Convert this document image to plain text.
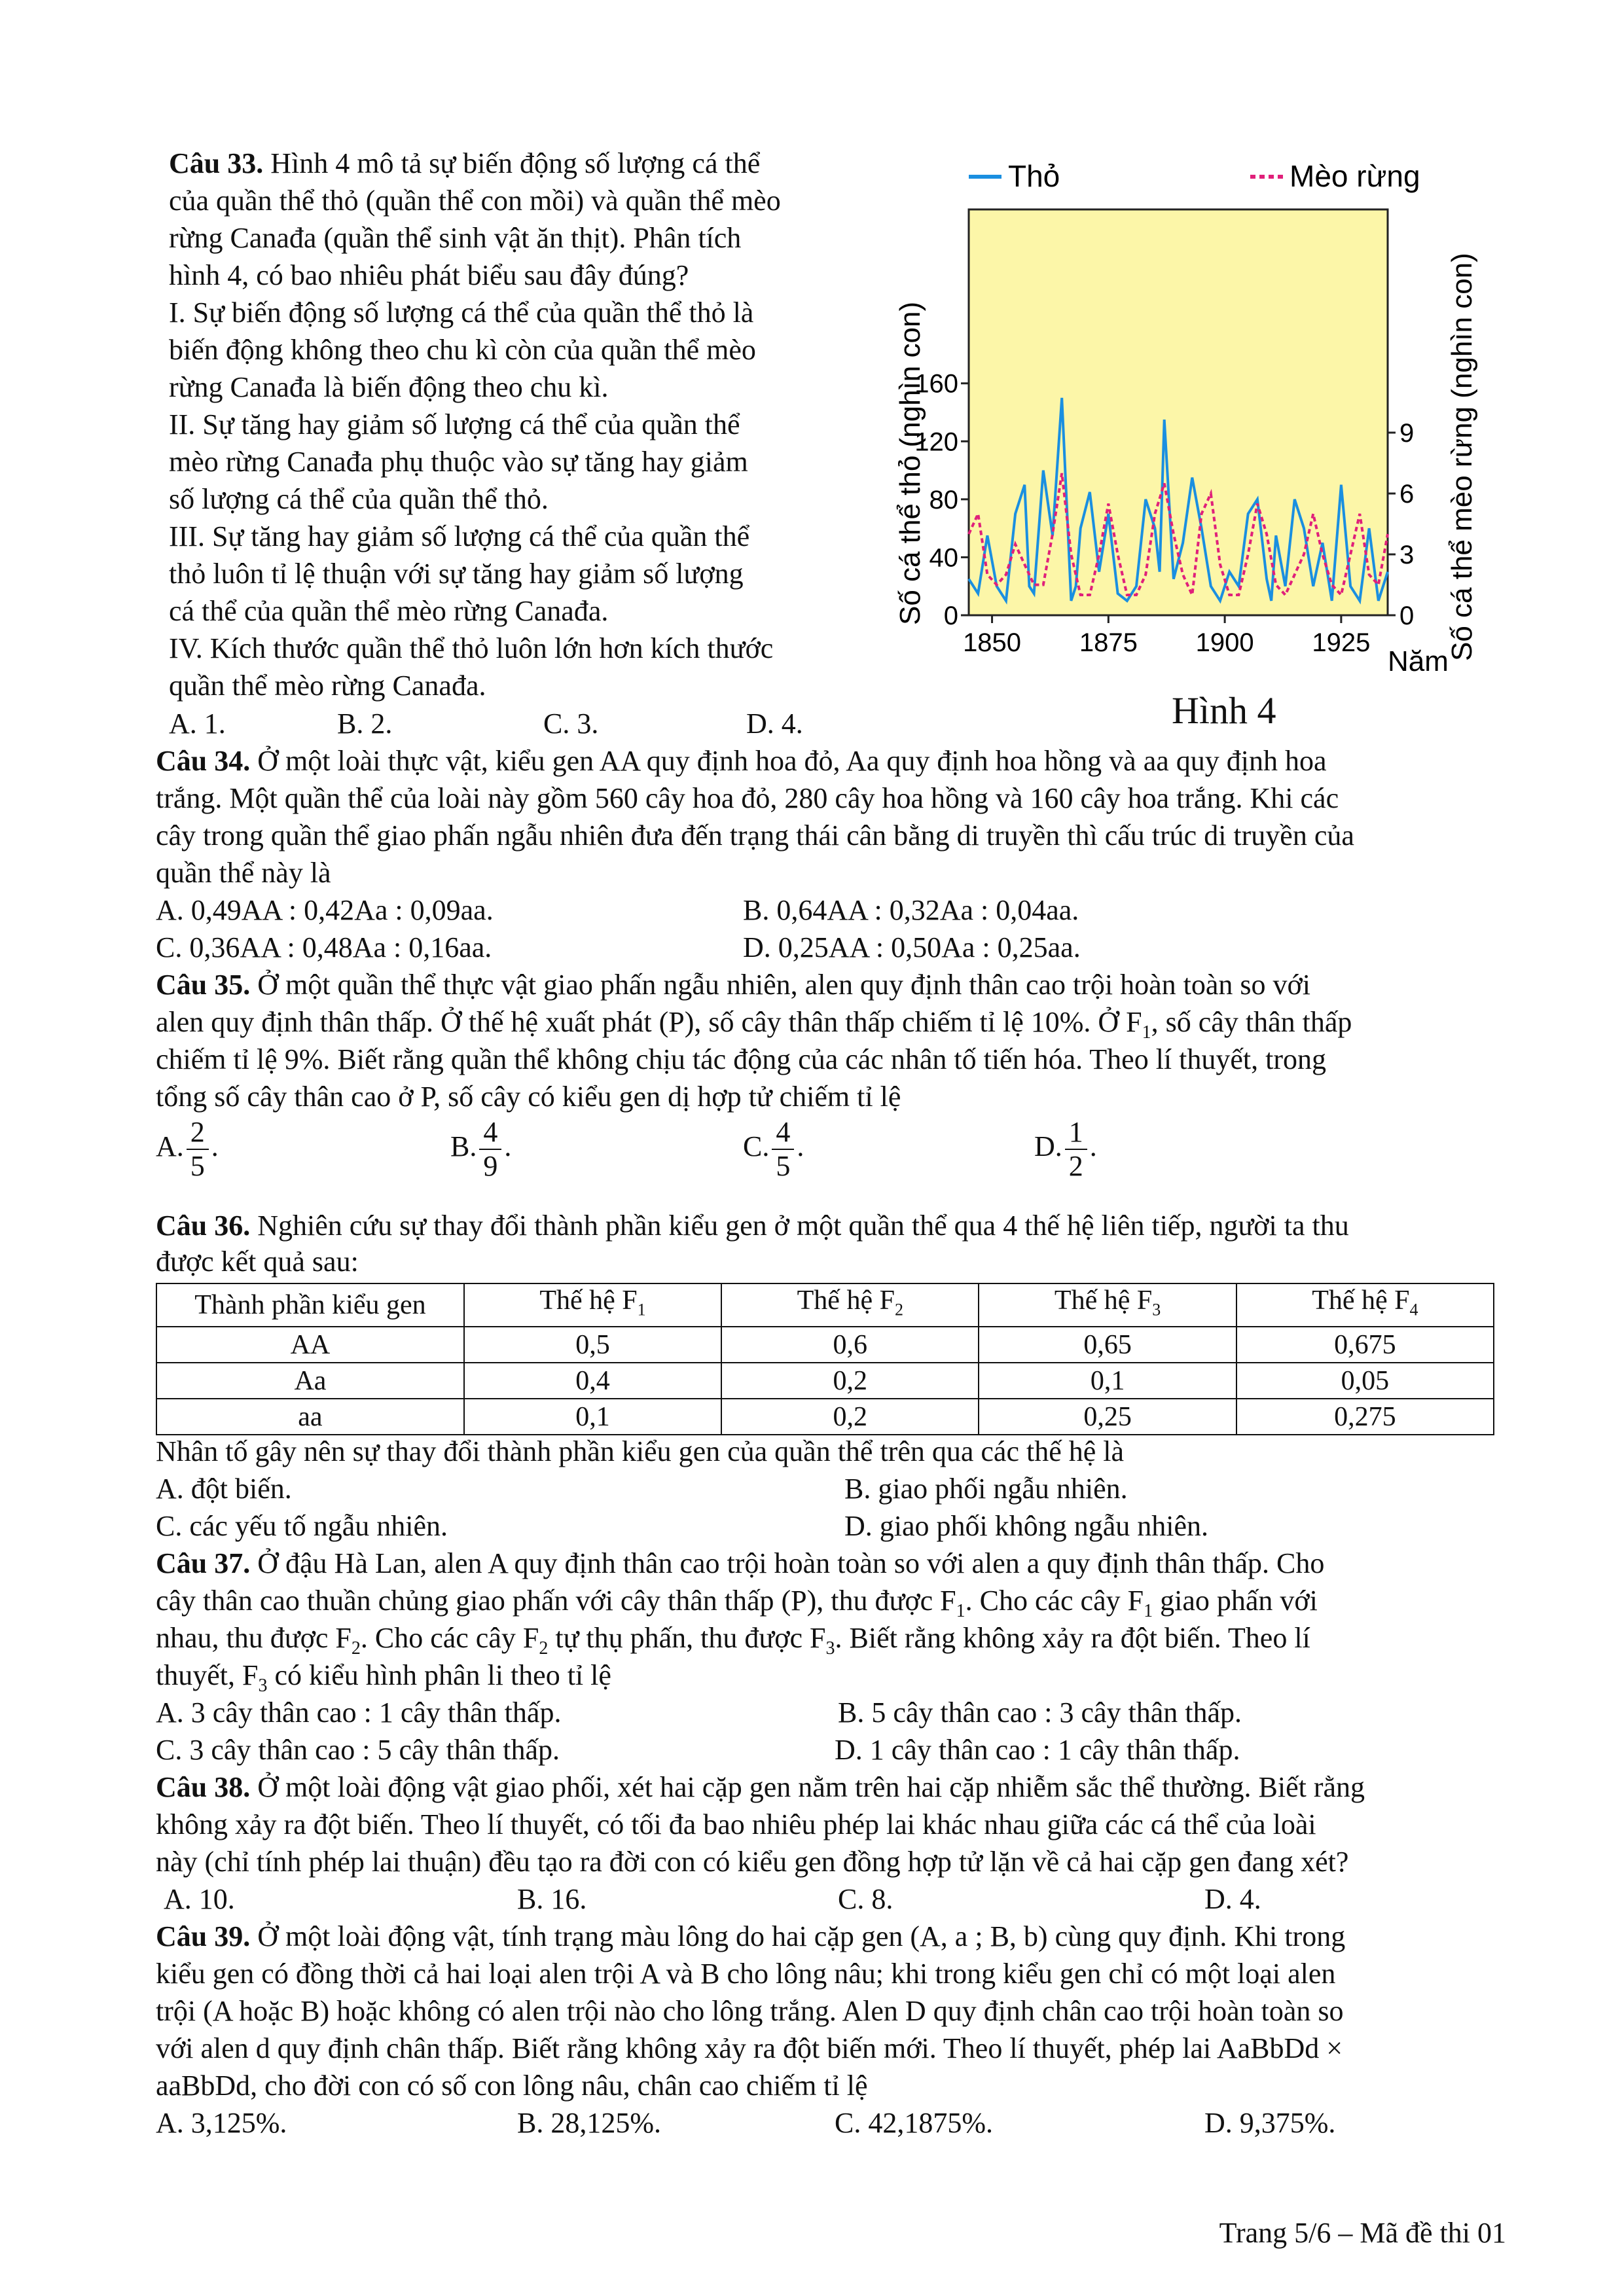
Câu 33. Hình 4 mô tả sự biến động số lượng cá thể
của quần thể thỏ (quần thể con mồi) và quần thể mèo
rừng Canađa (quần thể sinh vật ăn thịt). Phân tích
hình 4, có bao nhiêu phát biểu sau đây đúng?
I. Sự biến động số lượng cá thể của quần thể thỏ là
biến động không theo chu kì còn của quần thể mèo
rừng Canađa là biến động theo chu kì.
II. Sự tăng hay giảm số lượng cá thể của quần thể
mèo rừng Canađa phụ thuộc vào sự tăng hay giảm
số lượng cá thể của quần thể thỏ.
III. Sự tăng hay giảm số lượng cá thể của quần thể
thỏ luôn tỉ lệ thuận với sự tăng hay giảm số lượng
cá thể của quần thể mèo rừng Canađa.
IV. Kích thước quần thể thỏ luôn lớn hơn kích thước
quần thể mèo rừng Canađa.
A. 1.	B. 2.	C. 3.	D. 4.
1850 1875 1900 1925
0
40
80
120
160
0
3
6
9
Thỏ	Mèo rừng
Số cá thể thỏ (nghìn con)	Số cá thể mèo rừng (nghìn con)
Năm
Hình 4
Câu 34. Ở một loài thực vật, kiểu gen AA quy định hoa đỏ, Aa quy định hoa hồng và aa quy định hoa
trắng. Một quần thể của loài này gồm 560 cây hoa đỏ, 280 cây hoa hồng và 160 cây hoa trắng. Khi các
cây trong quần thể giao phấn ngẫu nhiên đưa đến trạng thái cân bằng di truyền thì cấu trúc di truyền của
quần thể này là
A. 0,49AA : 0,42Aa : 0,09aa.	B. 0,64AA : 0,32Aa : 0,04aa.
C. 0,36AA : 0,48Aa : 0,16aa.	D. 0,25AA : 0,50Aa : 0,25aa.
Câu 35. Ở một quần thể thực vật giao phấn ngẫu nhiên, alen quy định thân cao trội hoàn toàn so với
alen quy định thân thấp. Ở thế hệ xuất phát (P), số cây thân thấp chiếm tỉ lệ 10%. Ở $F_1$, số cây thân thấp
chiếm tỉ lệ 9%. Biết rằng quần thể không chịu tác động của các nhân tố tiến hóa. Theo lí thuyết, trong
tổng số cây thân cao ở P, số cây có kiểu gen dị hợp tử chiếm tỉ lệ
A. $\frac{2}{5}$ .	B. $\frac{4}{9}$ .	C. $\frac{4}{5}$ .	D. $\frac{1}{2}$ .
Câu 36. Nghiên cứu sự thay đổi thành phần kiểu gen ở một quần thể qua 4 thế hệ liên tiếp, người ta thu
được kết quả sau:
Thành phần kiểu gen	Thế hệ $F_1$	Thế hệ $F_2$	Thế hệ $F_3$	Thế hệ $F_4$
AA	0,5	0,6	0,65	0,675
Aa	0,4	0,2	0,1	0,05
aa	0,1	0,2	0,25	0,275
Nhân tố gây nên sự thay đổi thành phần kiểu gen của quần thể trên qua các thế hệ là
A. đột biến.	B. giao phối ngẫu nhiên.
C. các yếu tố ngẫu nhiên.	D. giao phối không ngẫu nhiên.
Câu 37. Ở đậu Hà Lan, alen A quy định thân cao trội hoàn toàn so với alen a quy định thân thấp. Cho
cây thân cao thuần chủng giao phấn với cây thân thấp (P), thu được $F_1$. Cho các cây $F_1$ giao phấn với
nhau, thu được $F_2$. Cho các cây $F_2$ tự thụ phấn, thu được $F_3$. Biết rằng không xảy ra đột biến. Theo lí
thuyết, $F_3$ có kiểu hình phân li theo tỉ lệ
A. 3 cây thân cao : 1 cây thân thấp.	B. 5 cây thân cao : 3 cây thân thấp.
C. 3 cây thân cao : 5 cây thân thấp.	D. 1 cây thân cao : 1 cây thân thấp.
Câu 38. Ở một loài động vật giao phối, xét hai cặp gen nằm trên hai cặp nhiễm sắc thể thường. Biết rằng
không xảy ra đột biến. Theo lí thuyết, có tối đa bao nhiêu phép lai khác nhau giữa các cá thể của loài
này (chỉ tính phép lai thuận) đều tạo ra đời con có kiểu gen đồng hợp tử lặn về cả hai cặp gen đang xét?
A. 10.	B. 16.	C. 8.	D. 4.
Câu 39. Ở một loài động vật, tính trạng màu lông do hai cặp gen (A, a ; B, b) cùng quy định. Khi trong
kiểu gen có đồng thời cả hai loại alen trội A và B cho lông nâu; khi trong kiểu gen chỉ có một loại alen
trội (A hoặc B) hoặc không có alen trội nào cho lông trắng. Alen D quy định chân cao trội hoàn toàn so
với alen d quy định chân thấp. Biết rằng không xảy ra đột biến mới. Theo lí thuyết, phép lai AaBbDd ×
aaBbDd, cho đời con có số con lông nâu, chân cao chiếm tỉ lệ
A. 3,125%.	B. 28,125%.	C. 42,1875%.	D. 9,375%.
Trang 5/6 – Mã đề thi 01
